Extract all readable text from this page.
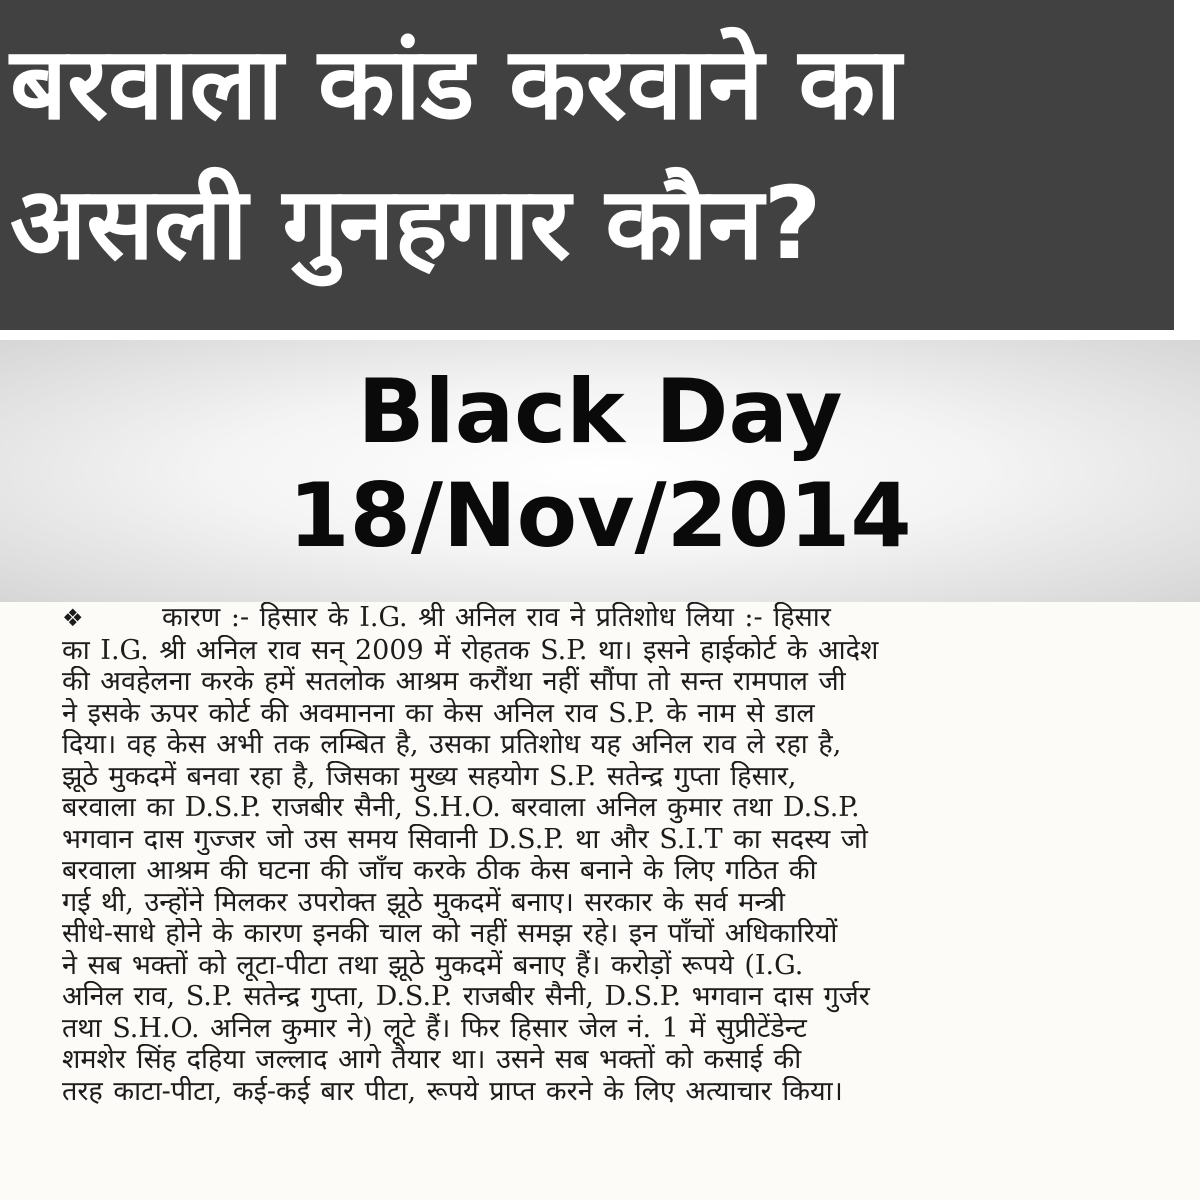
बरवाला कांड करवाने का
असली गुनहगार कौन?
Black Day
18/Nov/2014
❖	कारण :- हिसार के I.G. श्री अनिल राव ने प्रतिशोध लिया :- हिसार
का I.G. श्री अनिल राव सन् 2009 में रोहतक S.P. था। इसने हाईकोर्ट के आदेश
की अवहेलना करके हमें सतलोक आश्रम करौंथा नहीं सौंपा तो सन्त रामपाल जी
ने इसके ऊपर कोर्ट की अवमानना का केस अनिल राव S.P. के नाम से डाल
दिया। वह केस अभी तक लम्बित है, उसका प्रतिशोध यह अनिल राव ले रहा है,
झूठे मुकदमें बनवा रहा है, जिसका मुख्य सहयोग S.P. सतेन्द्र गुप्ता हिसार,
बरवाला का D.S.P. राजबीर सैनी, S.H.O. बरवाला अनिल कुमार तथा D.S.P.
भगवान दास गुज्जर जो उस समय सिवानी D.S.P. था और S.I.T का सदस्य जो
बरवाला आश्रम की घटना की जाँच करके ठीक केस बनाने के लिए गठित की
गई थी, उन्होंने मिलकर उपरोक्त झूठे मुकदमें बनाए। सरकार के सर्व मन्त्री
सीधे-साधे होने के कारण इनकी चाल को नहीं समझ रहे। इन पाँचों अधिकारियों
ने सब भक्तों को लूटा-पीटा तथा झूठे मुकदमें बनाए हैं। करोड़ों रूपये (I.G.
अनिल राव, S.P. सतेन्द्र गुप्ता, D.S.P. राजबीर सैनी, D.S.P. भगवान दास गुर्जर
तथा S.H.O. अनिल कुमार ने) लूटे हैं। फिर हिसार जेल नं. 1 में सुप्रीटेंडेन्ट
शमशेर सिंह दहिया जल्लाद आगे तैयार था। उसने सब भक्तों को कसाई की
तरह काटा-पीटा, कई-कई बार पीटा, रूपये प्राप्त करने के लिए अत्याचार किया।
